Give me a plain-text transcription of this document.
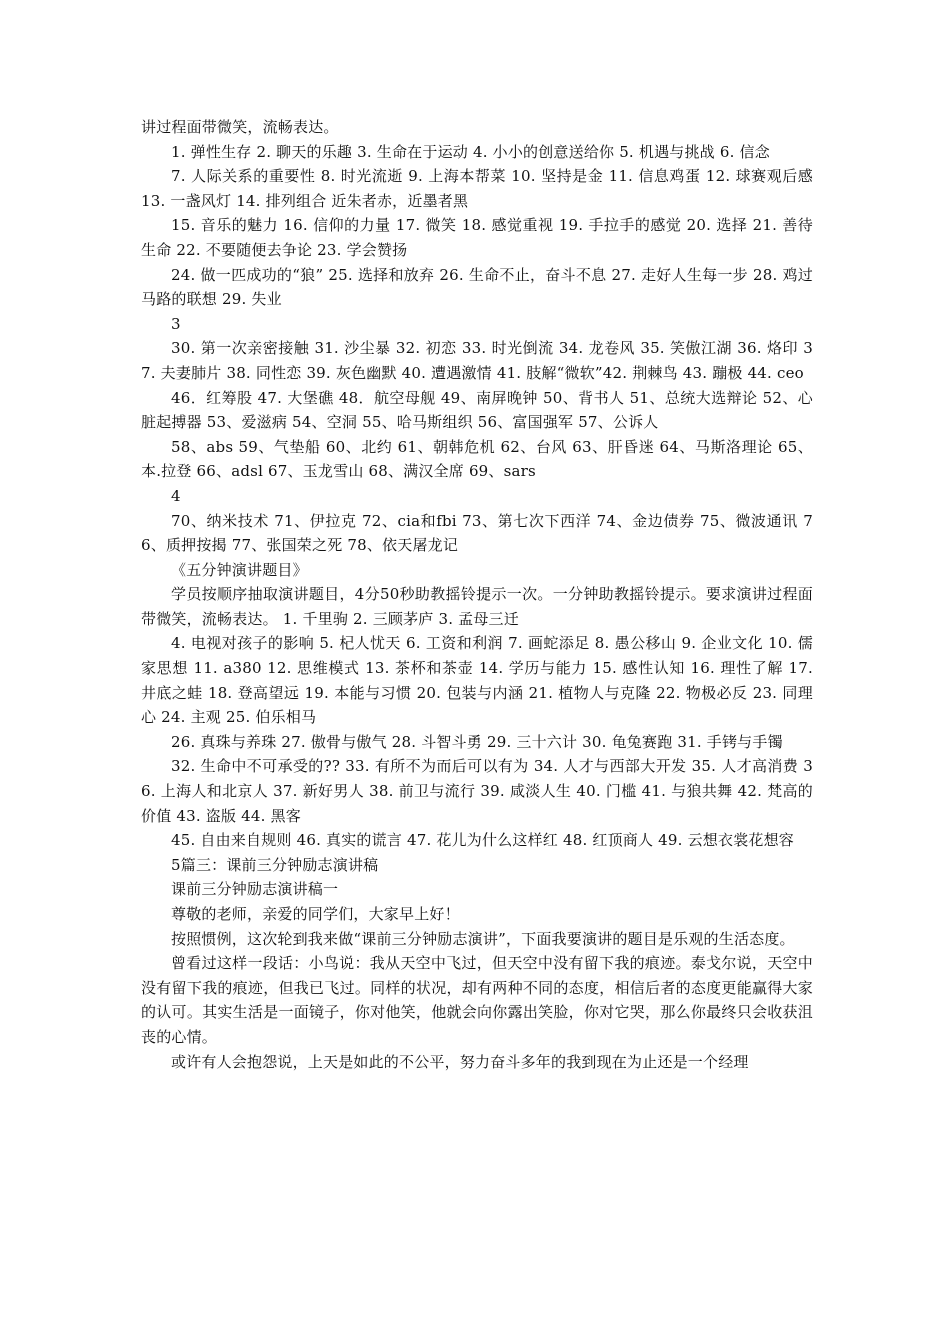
讲过程面带微笑，流畅表达。

1. 弹性生存 2. 聊天的乐趣 3. 生命在于运动 4. 小小的创意送给你 5. 机遇与挑战 6. 信念

7. 人际关系的重要性 8. 时光流逝 9. 上海本帮菜 10. 坚持是金 11. 信息鸡蛋 12. 球赛观后感 13. 一盏风灯 14. 排列组合 近朱者赤，近墨者黑

15. 音乐的魅力 16. 信仰的力量 17. 微笑 18. 感觉重视 19. 手拉手的感觉 20. 选择 21. 善待生命 22. 不要随便去争论 23. 学会赞扬

24. 做一匹成功的“狼” 25. 选择和放弃 26. 生命不止，奋斗不息 27. 走好人生每一步 28. 鸡过马路的联想 29. 失业

3

30. 第一次亲密接触 31. 沙尘暴 32. 初恋 33. 时光倒流 34. 龙卷风 35. 笑傲江湖 36. 烙印 37. 夫妻肺片 38. 同性恋 39. 灰色幽默 40. 遭遇激情 41. 肢解“微软”42. 荆棘鸟 43. 蹦极 44. ceo

46．红筹股 47. 大堡礁 48．航空母舰 49、南屏晚钟 50、背书人 51、总统大选辩论 52、心脏起搏器 53、爱滋病 54、空洞 55、哈马斯组织 56、富国强军 57、公诉人

58、abs 59、气垫船 60、北约 61、朝韩危机 62、台风 63、肝昏迷 64、马斯洛理论 65、本.拉登 66、adsl 67、玉龙雪山 68、满汉全席 69、sars

4

70、纳米技术 71、伊拉克 72、cia和fbi 73、第七次下西洋 74、金边债券 75、微波通讯 76、质押按揭 77、张国荣之死 78、依天屠龙记

《五分钟演讲题目》

学员按顺序抽取演讲题目，4分50秒助教摇铃提示一次。一分钟助教摇铃提示。要求演讲过程面带微笑，流畅表达。 1. 千里驹 2. 三顾茅庐 3. 孟母三迁

4. 电视对孩子的影响 5. 杞人忧天 6. 工资和利润 7. 画蛇添足 8. 愚公移山 9. 企业文化 10. 儒家思想 11. a380 12. 思维模式 13. 茶杯和茶壶 14. 学历与能力 15. 感性认知 16. 理性了解 17. 井底之蛙 18. 登高望远 19. 本能与习惯 20. 包装与内涵 21. 植物人与克隆 22. 物极必反 23. 同理心 24. 主观 25. 伯乐相马

26. 真珠与养珠 27. 傲骨与傲气 28. 斗智斗勇 29. 三十六计 30. 龟兔赛跑 31. 手铐与手镯

32. 生命中不可承受的?? 33. 有所不为而后可以有为 34. 人才与西部大开发 35. 人才高消费 36. 上海人和北京人 37. 新好男人 38. 前卫与流行 39. 咸淡人生 40. 门槛 41. 与狼共舞 42. 梵高的价值 43. 盗版 44. 黑客

45. 自由来自规则 46. 真实的谎言 47. 花儿为什么这样红 48. 红顶商人 49. 云想衣裳花想容

5篇三：课前三分钟励志演讲稿

课前三分钟励志演讲稿一

尊敬的老师，亲爱的同学们，大家早上好！

按照惯例，这次轮到我来做“课前三分钟励志演讲”，下面我要演讲的题目是乐观的生活态度。

曾看过这样一段话：小鸟说：我从天空中飞过，但天空中没有留下我的痕迹。泰戈尔说，天空中没有留下我的痕迹，但我已飞过。同样的状况，却有两种不同的态度，相信后者的态度更能赢得大家的认可。其实生活是一面镜子，你对他笑，他就会向你露出笑脸，你对它哭，那么你最终只会收获沮丧的心情。

或许有人会抱怨说，上天是如此的不公平，努力奋斗多年的我到现在为止还是一个经理
